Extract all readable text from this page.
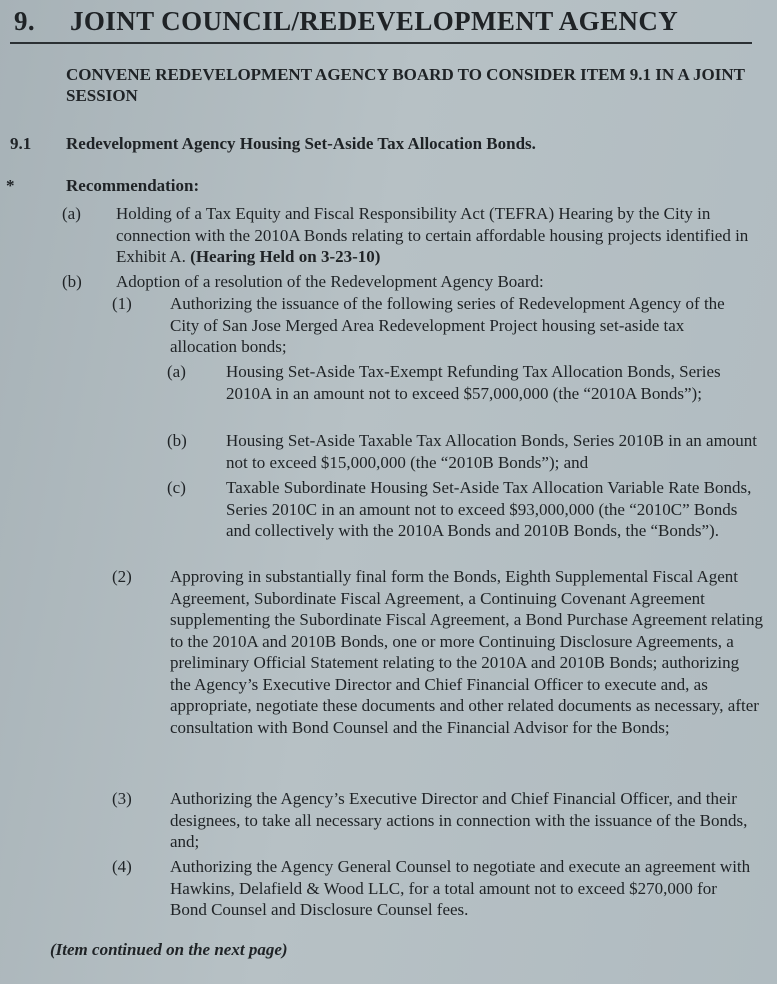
9. JOINT COUNCIL/REDEVELOPMENT AGENCY
CONVENE REDEVELOPMENT AGENCY BOARD TO CONSIDER ITEM 9.1 IN A JOINT SESSION
9.1 Redevelopment Agency Housing Set-Aside Tax Allocation Bonds.
*	Recommendation:
(a) Holding of a Tax Equity and Fiscal Responsibility Act (TEFRA) Hearing by the City in connection with the 2010A Bonds relating to certain affordable housing projects identified in Exhibit A. (Hearing Held on 3-23-10)
(b) Adoption of a resolution of the Redevelopment Agency Board:
(1) Authorizing the issuance of the following series of Redevelopment Agency of the City of San Jose Merged Area Redevelopment Project housing set-aside tax allocation bonds;
(a) Housing Set-Aside Tax-Exempt Refunding Tax Allocation Bonds, Series 2010A in an amount not to exceed $57,000,000 (the “2010A Bonds”);
(b) Housing Set-Aside Taxable Tax Allocation Bonds, Series 2010B in an amount not to exceed $15,000,000 (the “2010B Bonds”); and
(c) Taxable Subordinate Housing Set-Aside Tax Allocation Variable Rate Bonds, Series 2010C in an amount not to exceed $93,000,000 (the “2010C” Bonds and collectively with the 2010A Bonds and 2010B Bonds, the “Bonds”).
(2) Approving in substantially final form the Bonds, Eighth Supplemental Fiscal Agent Agreement, Subordinate Fiscal Agreement, a Continuing Covenant Agreement supplementing the Subordinate Fiscal Agreement, a Bond Purchase Agreement relating to the 2010A and 2010B Bonds, one or more Continuing Disclosure Agreements, a preliminary Official Statement relating to the 2010A and 2010B Bonds; authorizing the Agency’s Executive Director and Chief Financial Officer to execute and, as appropriate, negotiate these documents and other related documents as necessary, after consultation with Bond Counsel and the Financial Advisor for the Bonds;
(3) Authorizing the Agency’s Executive Director and Chief Financial Officer, and their designees, to take all necessary actions in connection with the issuance of the Bonds, and;
(4) Authorizing the Agency General Counsel to negotiate and execute an agreement with Hawkins, Delafield & Wood LLC, for a total amount not to exceed $270,000 for Bond Counsel and Disclosure Counsel fees.
(Item continued on the next page)
